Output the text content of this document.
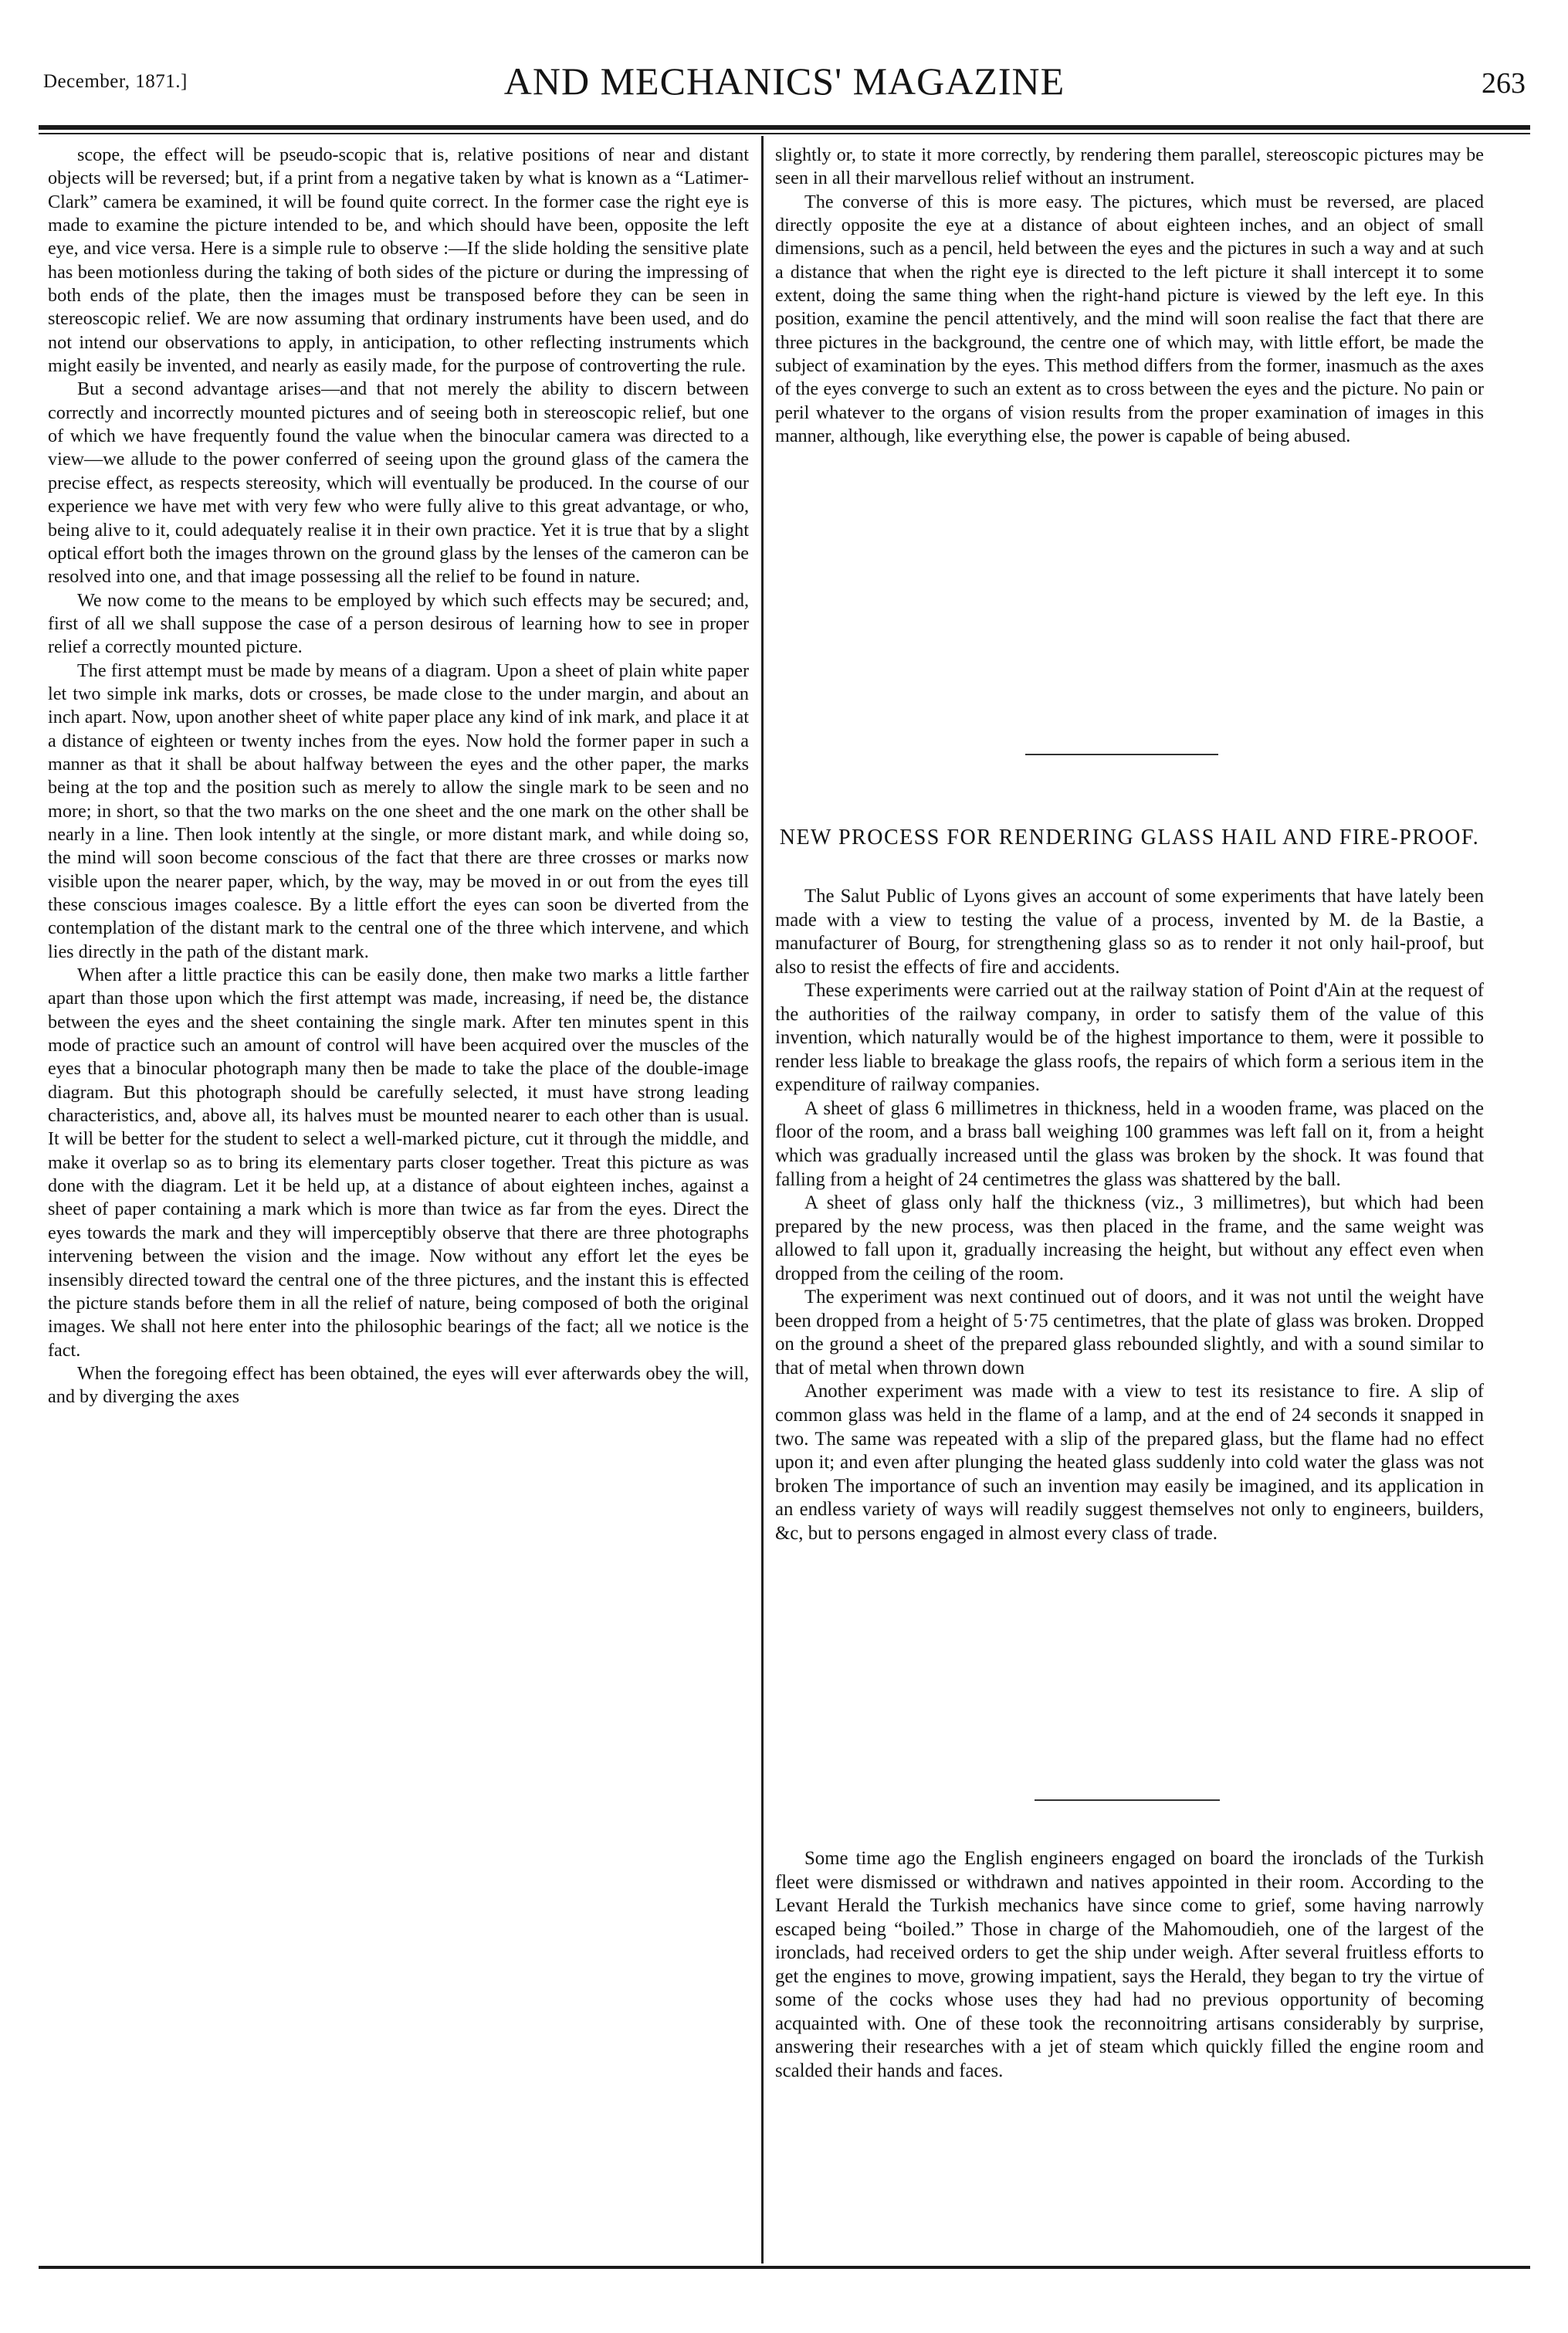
December, 1871.]	AND MECHANICS' MAGAZINE	263

scope, the effect will be pseudo-scopic that is, relative positions of near and distant objects will be reversed; but, if a print from a negative taken by what is known as a “Latimer-Clark” camera be examined, it will be found quite correct. In the former case the right eye is made to examine the picture intended to be, and which should have been, opposite the left eye, and vice versa. Here is a simple rule to observe :—If the slide holding the sensitive plate has been motionless during the taking of both sides of the picture or during the impressing of both ends of the plate, then the images must be transposed before they can be seen in stereoscopic relief. We are now assuming that ordinary instruments have been used, and do not intend our observations to apply, in anticipation, to other reflecting instruments which might easily be invented, and nearly as easily made, for the purpose of controverting the rule.

But a second advantage arises—and that not merely the ability to discern between correctly and incorrectly mounted pictures and of seeing both in stereoscopic relief, but one of which we have frequently found the value when the binocular camera was directed to a view—we allude to the power conferred of seeing upon the ground glass of the camera the precise effect, as respects stereosity, which will eventually be produced. In the course of our experience we have met with very few who were fully alive to this great advantage, or who, being alive to it, could adequately realise it in their own practice. Yet it is true that by a slight optical effort both the images thrown on the ground glass by the lenses of the cameron can be resolved into one, and that image possessing all the relief to be found in nature.

We now come to the means to be employed by which such effects may be secured; and, first of all we shall suppose the case of a person desirous of learning how to see in proper relief a correctly mounted picture.

The first attempt must be made by means of a diagram. Upon a sheet of plain white paper let two simple ink marks, dots or crosses, be made close to the under margin, and about an inch apart. Now, upon another sheet of white paper place any kind of ink mark, and place it at a distance of eighteen or twenty inches from the eyes. Now hold the former paper in such a manner as that it shall be about halfway between the eyes and the other paper, the marks being at the top and the position such as merely to allow the single mark to be seen and no more; in short, so that the two marks on the one sheet and the one mark on the other shall be nearly in a line. Then look intently at the single, or more distant mark, and while doing so, the mind will soon become conscious of the fact that there are three crosses or marks now visible upon the nearer paper, which, by the way, may be moved in or out from the eyes till these conscious images coalesce. By a little effort the eyes can soon be diverted from the contemplation of the distant mark to the central one of the three which intervene, and which lies directly in the path of the distant mark.

When after a little practice this can be easily done, then make two marks a little farther apart than those upon which the first attempt was made, increasing, if need be, the distance between the eyes and the sheet containing the single mark. After ten minutes spent in this mode of practice such an amount of control will have been acquired over the muscles of the eyes that a binocular photograph many then be made to take the place of the double-image diagram. But this photograph should be carefully selected, it must have strong leading characteristics, and, above all, its halves must be mounted nearer to each other than is usual. It will be better for the student to select a well-marked picture, cut it through the middle, and make it overlap so as to bring its elementary parts closer together. Treat this picture as was done with the diagram. Let it be held up, at a distance of about eighteen inches, against a sheet of paper containing a mark which is more than twice as far from the eyes. Direct the eyes towards the mark and they will imperceptibly observe that there are three photographs intervening between the vision and the image. Now without any effort let the eyes be insensibly directed toward the central one of the three pictures, and the instant this is effected the picture stands before them in all the relief of nature, being composed of both the original images. We shall not here enter into the philosophic bearings of the fact; all we notice is the fact.

When the foregoing effect has been obtained, the eyes will ever afterwards obey the will, and by diverging the axes

slightly or, to state it more correctly, by rendering them parallel, stereoscopic pictures may be seen in all their marvellous relief without an instrument.

The converse of this is more easy. The pictures, which must be reversed, are placed directly opposite the eye at a distance of about eighteen inches, and an object of small dimensions, such as a pencil, held between the eyes and the pictures in such a way and at such a distance that when the right eye is directed to the left picture it shall intercept it to some extent, doing the same thing when the right-hand picture is viewed by the left eye. In this position, examine the pencil attentively, and the mind will soon realise the fact that there are three pictures in the background, the centre one of which may, with little effort, be made the subject of examination by the eyes. This method differs from the former, inasmuch as the axes of the eyes converge to such an extent as to cross between the eyes and the picture. No pain or peril whatever to the organs of vision results from the proper examination of images in this manner, although, like everything else, the power is capable of being abused.

NEW PROCESS FOR RENDERING GLASS HAIL AND FIRE-PROOF.

The Salut Public of Lyons gives an account of some experiments that have lately been made with a view to testing the value of a process, invented by M. de la Bastie, a manufacturer of Bourg, for strengthening glass so as to render it not only hail-proof, but also to resist the effects of fire and accidents.

These experiments were carried out at the railway station of Point d'Ain at the request of the authorities of the railway company, in order to satisfy them of the value of this invention, which naturally would be of the highest importance to them, were it possible to render less liable to breakage the glass roofs, the repairs of which form a serious item in the expenditure of railway companies.

A sheet of glass 6 millimetres in thickness, held in a wooden frame, was placed on the floor of the room, and a brass ball weighing 100 grammes was left fall on it, from a height which was gradually increased until the glass was broken by the shock. It was found that falling from a height of 24 centimetres the glass was shattered by the ball.

A sheet of glass only half the thickness (viz., 3 millimetres), but which had been prepared by the new process, was then placed in the frame, and the same weight was allowed to fall upon it, gradually increasing the height, but without any effect even when dropped from the ceiling of the room.

The experiment was next continued out of doors, and it was not until the weight have been dropped from a height of 5·75 centimetres, that the plate of glass was broken. Dropped on the ground a sheet of the prepared glass rebounded slightly, and with a sound similar to that of metal when thrown down

Another experiment was made with a view to test its resistance to fire. A slip of common glass was held in the flame of a lamp, and at the end of 24 seconds it snapped in two. The same was repeated with a slip of the prepared glass, but the flame had no effect upon it; and even after plunging the heated glass suddenly into cold water the glass was not broken The importance of such an invention may easily be imagined, and its application in an endless variety of ways will readily suggest themselves not only to engineers, builders, &c, but to persons engaged in almost every class of trade.

Some time ago the English engineers engaged on board the ironclads of the Turkish fleet were dismissed or withdrawn and natives appointed in their room. According to the Levant Herald the Turkish mechanics have since come to grief, some having narrowly escaped being “boiled.” Those in charge of the Mahomoudieh, one of the largest of the ironclads, had received orders to get the ship under weigh. After several fruitless efforts to get the engines to move, growing impatient, says the Herald, they began to try the virtue of some of the cocks whose uses they had had no previous opportunity of becoming acquainted with. One of these took the reconnoitring artisans considerably by surprise, answering their researches with a jet of steam which quickly filled the engine room and scalded their hands and faces.
